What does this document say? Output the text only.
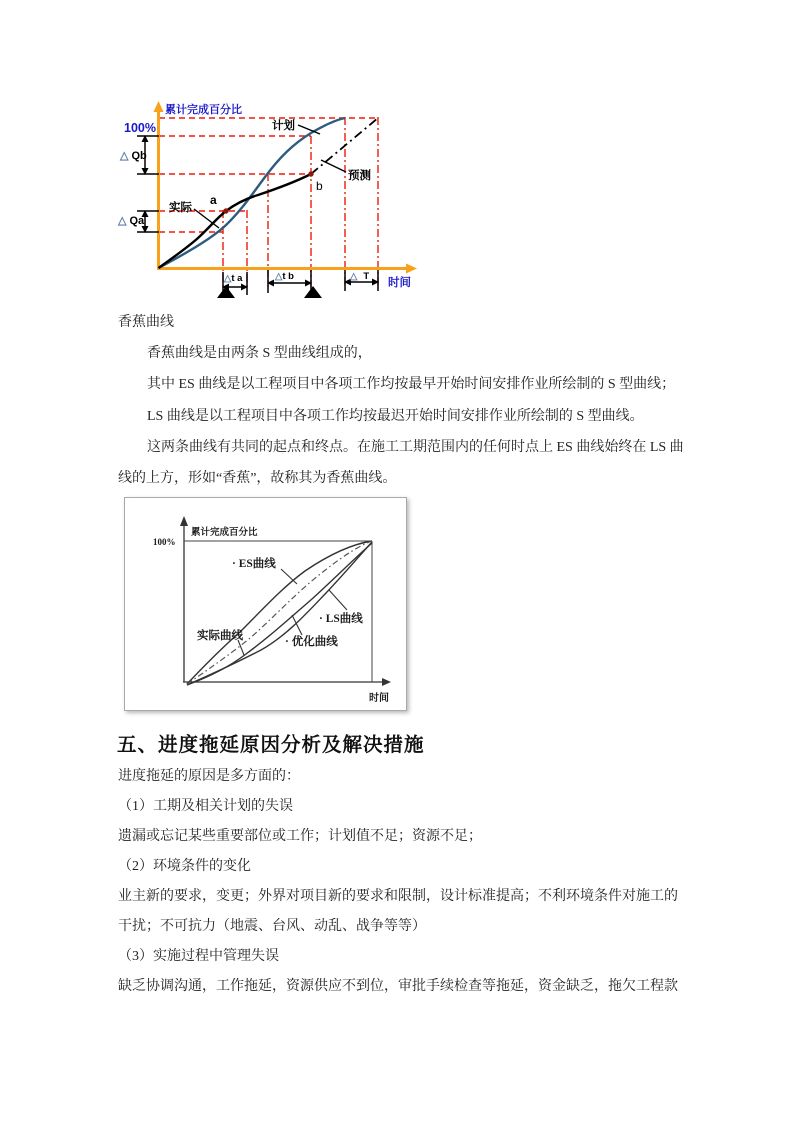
累计完成百分比
100%
时间
计划
预测
实际
a
b
△ Qb
△ Qa
△t a	△t b	△ T
香蕉曲线
香蕉曲线是由两条 S 型曲线组成的，
其中 ES 曲线是以工程项目中各项工作均按最早开始时间安排作业所绘制的 S 型曲线；
LS 曲线是以工程项目中各项工作均按最迟开始时间安排作业所绘制的 S 型曲线。
这两条曲线有共同的起点和终点。在施工工期范围内的任何时点上 ES 曲线始终在 LS 曲
线的上方，形如“香蕉”，故称其为香蕉曲线。
累计完成百分比
100%
时间
· ES曲线
· LS曲线
实际曲线	· 优化曲线
五、进度拖延原因分析及解决措施
进度拖延的原因是多方面的：
（1）工期及相关计划的失误
遗漏或忘记某些重要部位或工作；计划值不足；资源不足；
（2）环境条件的变化
业主新的要求，变更；外界对项目新的要求和限制，设计标准提高；不利环境条件对施工的
干扰；不可抗力（地震、台风、动乱、战争等等）
（3）实施过程中管理失误
缺乏协调沟通，工作拖延，资源供应不到位，审批手续检查等拖延，资金缺乏，拖欠工程款
